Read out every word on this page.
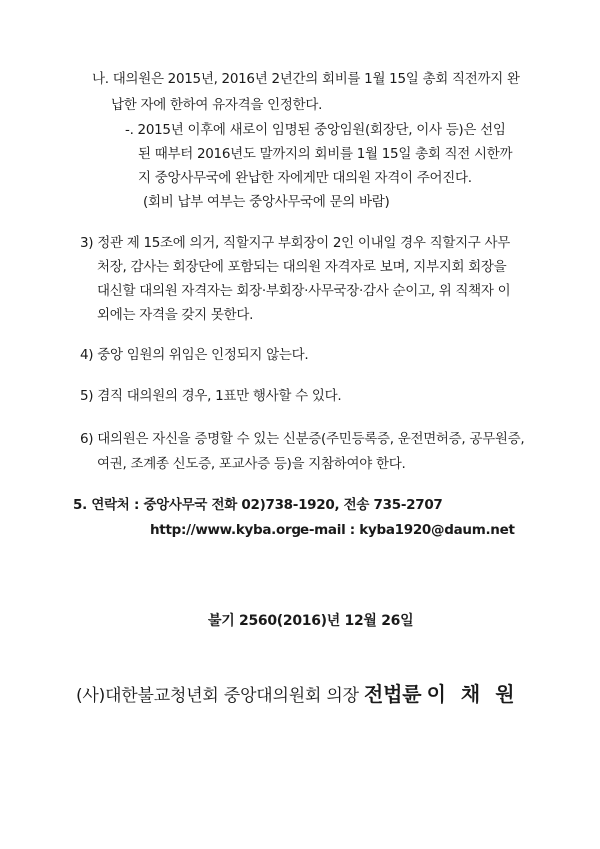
나. 대의원은 2015년, 2016년 2년간의 회비를 1월 15일 총회 직전까지 완
납한 자에 한하여 유자격을 인정한다.
-. 2015년 이후에 새로이 임명된 중앙임원(회장단, 이사 등)은 선임
된 때부터 2016년도 말까지의 회비를 1월 15일 총회 직전 시한까
지 중앙사무국에 완납한 자에게만 대의원 자격이 주어진다.
(회비 납부 여부는 중앙사무국에 문의 바람)
3) 정관 제 15조에 의거, 직할지구 부회장이 2인 이내일 경우 직할지구 사무
처장, 감사는 회장단에 포함되는 대의원 자격자로 보며, 지부지회 회장을
대신할 대의원 자격자는 회장·부회장·사무국장·감사 순이고, 위 직책자 이
외에는 자격을 갖지 못한다.
4) 중앙 임원의 위임은 인정되지 않는다.
5) 겸직 대의원의 경우, 1표만 행사할 수 있다.
6) 대의원은 자신을 증명할 수 있는 신분증(주민등록증, 운전면허증, 공무원증,
여권, 조계종 신도증, 포교사증 등)을 지참하여야 한다.
5. 연락처 : 중앙사무국 전화 02)738-1920, 전송 735-2707
http://www.kyba.org e-mail : kyba1920@daum.net
불기 2560(2016)년 12월 26일
(사)대한불교청년회 중앙대의원회 의장 전법륜 이 채 원
